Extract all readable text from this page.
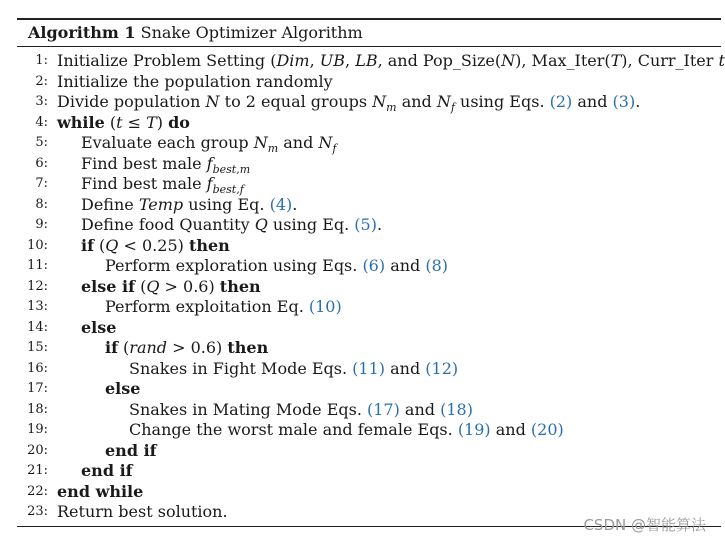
Algorithm 1 Snake Optimizer Algorithm
1: Initialize Problem Setting (Dim, UB, LB, and Pop_Size(N), Max_Iter(T), Curr_Iter t
2: Initialize the population randomly
3: Divide population N to 2 equal groups $N_m$ and $N_f$ using Eqs. (2) and (3).
4: while (t ≤ T) do
5: Evaluate each group $N_m$ and $N_f$
6: Find best male $f_{best,m}$
7: Find best male $f_{best,f}$
8: Define Temp using Eq. (4).
9: Define food Quantity Q using Eq. (5).
10: if (Q < 0.25) then
11:	Perform exploration using Eqs. (6) and (8)
12: else if (Q > 0.6) then
13:	Perform exploitation Eq. (10)
14: else
15:	if (rand > 0.6) then
16:	Snakes in Fight Mode Eqs. (11) and (12)
17:	else
18:	Snakes in Mating Mode Eqs. (17) and (18)
19:	Change the worst male and female Eqs. (19) and (20)
20:	end if
21: end if
22: end while
23: Return best solution.
CSDN @智能算法
